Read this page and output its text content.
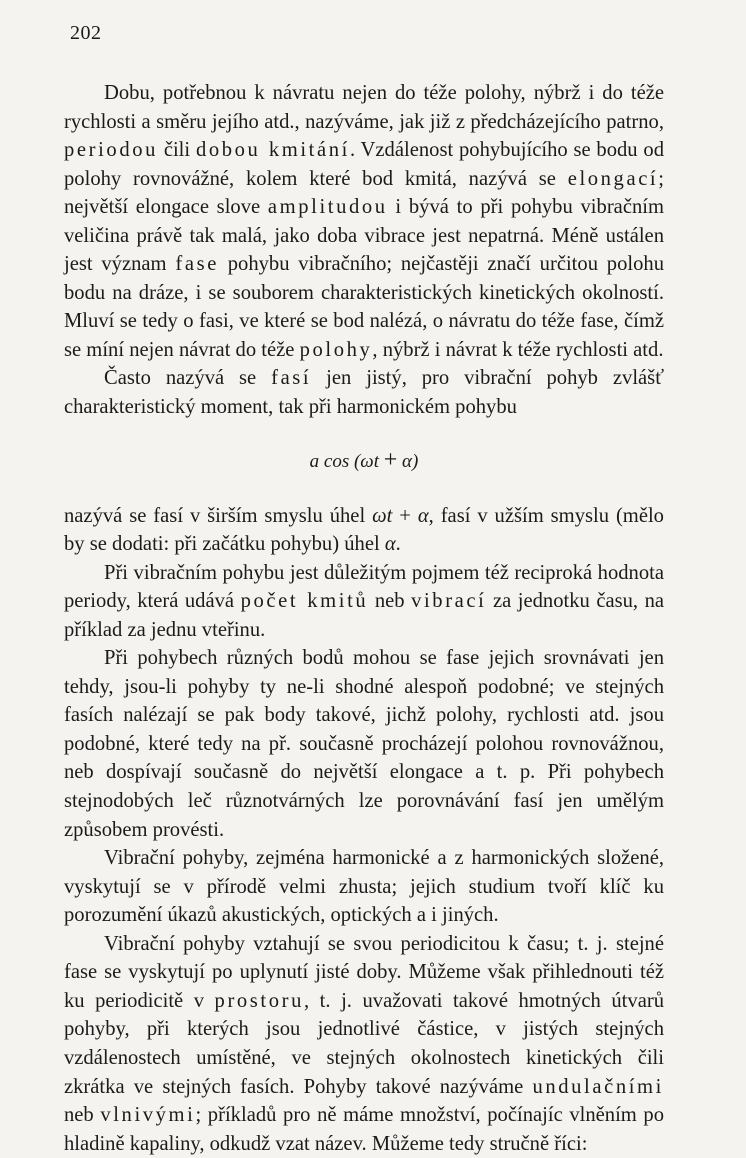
202

Dobu, potřebnou k návratu nejen do téže polohy, nýbrž i do téže rychlosti a směru jejího atd., nazýváme, jak již z předcházejícího patrno, periodou čili dobou kmitání. Vzdálenost pohybujícího se bodu od polohy rovnovážné, kolem které bod kmitá, nazývá se elongací; největší elongace slove amplitudou i bývá to při pohybu vibračním veličina právě tak malá, jako doba vibrace jest nepatrná. Méně ustálen jest význam fase pohybu vibračního; nejčastěji značí určitou polohu bodu na dráze, i se souborem charakteristických kinetických okolností. Mluví se tedy o fasi, ve které se bod nalézá, o návratu do téže fase, čímž se míní nejen návrat do téže polohy, nýbrž i návrat k téže rychlosti atd.

Často nazývá se fasí jen jistý, pro vibrační pohyb zvlášť charakteristický moment, tak při harmonickém pohybu

a cos (ωt + α)

nazývá se fasí v širším smyslu úhel ωt + α, fasí v užším smyslu (mělo by se dodati: při začátku pohybu) úhel α.

Při vibračním pohybu jest důležitým pojmem též reciproká hodnota periody, která udává počet kmitů neb vibrací za jednotku času, na příklad za jednu vteřinu.

Při pohybech různých bodů mohou se fase jejich srovnávati jen tehdy, jsou-li pohyby ty ne-li shodné alespoň podobné; ve stejných fasích nalézají se pak body takové, jichž polohy, rychlosti atd. jsou podobné, které tedy na př. současně procházejí polohou rovnovážnou, neb dospívají současně do největší elongace a t. p. Při pohybech stejnodobých leč různotvárných lze porovnávání fasí jen umělým způsobem provésti.

Vibrační pohyby, zejména harmonické a z harmonických složené, vyskytují se v přírodě velmi zhusta; jejich studium tvoří klíč ku porozumění úkazů akustických, optických a i jiných.

Vibrační pohyby vztahují se svou periodicitou k času; t. j. stejné fase se vyskytují po uplynutí jisté doby. Můžeme však přihlednouti též ku periodicitě v prostoru, t. j. uvažovati takové hmotných útvarů pohyby, při kterých jsou jednotlivé částice, v jistých stejných vzdálenostech umístěné, ve stejných okolnostech kinetických čili zkrátka ve stejných fasích. Pohyby takové nazýváme undulačními neb vlnivými; příkladů pro ně máme množství, počínajíc vlněním po hladině kapaliny, odkudž vzat název. Můžeme tedy stručně říci:
